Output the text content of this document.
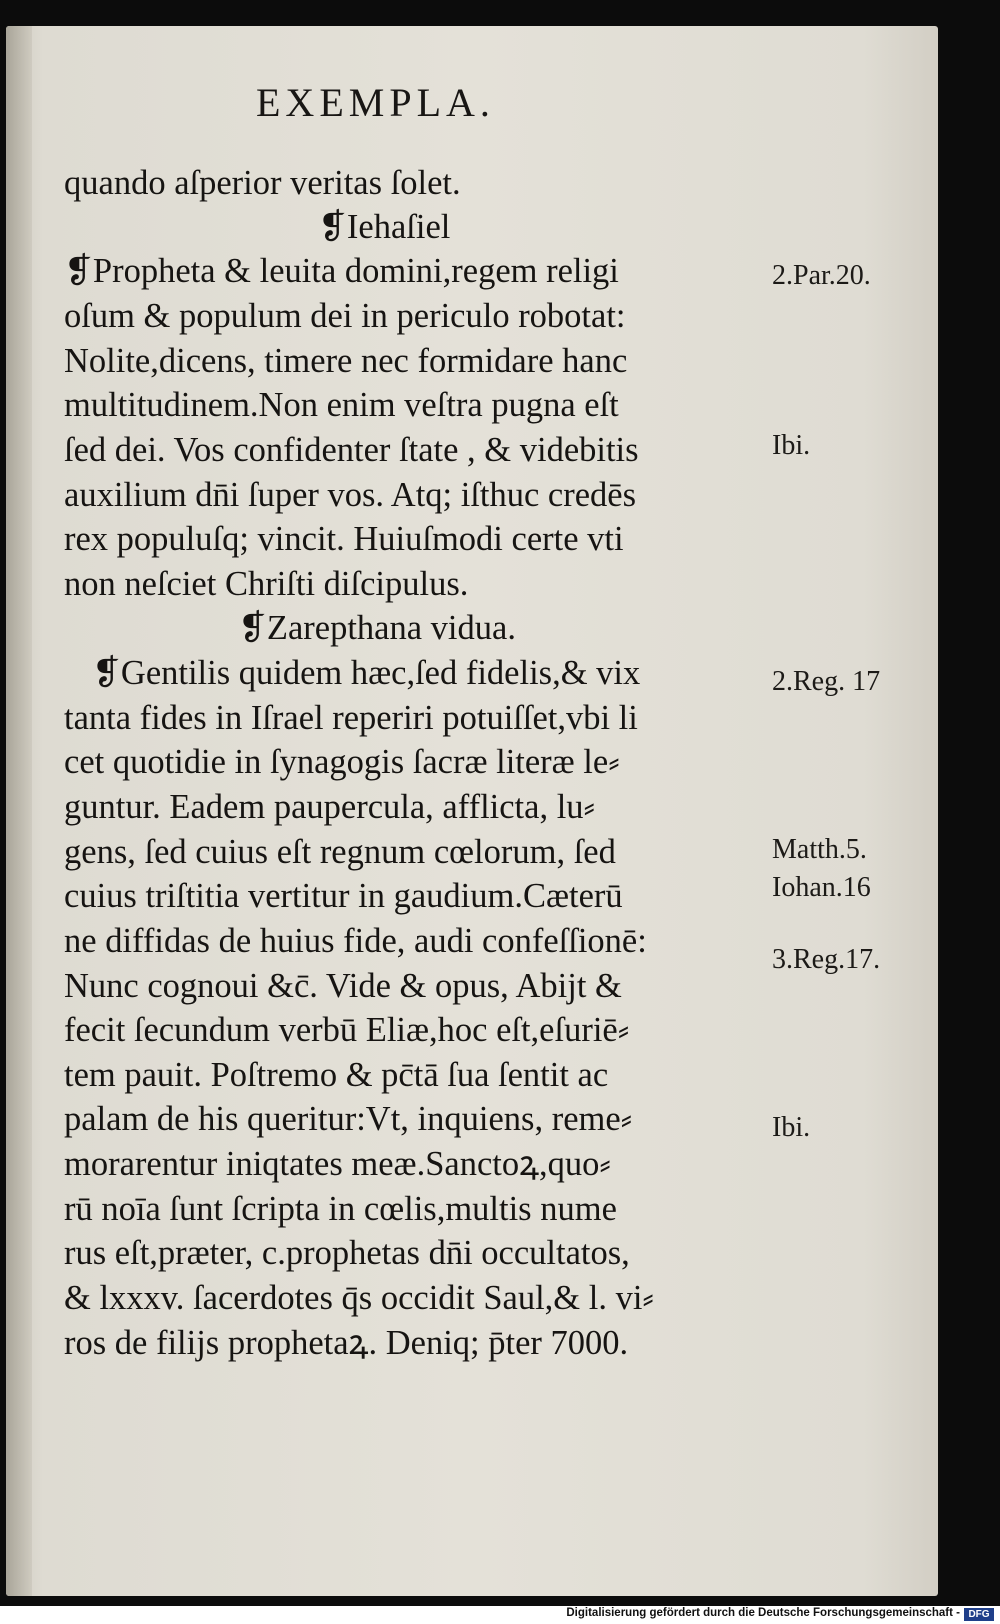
EXEMPLA.
quando aſperior veritas ſolet.
❡Iehaſiel
❡Propheta & leuita domini,regem religi
oſum & populum dei in periculo robotat:
Nolite,dicens, timere nec formidare hanc
multitudinem.Non enim veſtra pugna eſt
ſed dei. Vos confidenter ſtate , & videbitis
auxilium dn̄i ſuper vos. Atq; iſthuc credēs
rex populuſq; vincit. Huiuſmodi certe vti
non neſciet Chriſti diſcipulus.
❡Zarepthana vidua.
❡Gentilis quidem hæc,ſed fidelis,& vix
tanta fides in Iſrael reperiri potuiſſet,vbi li
cet quotidie in ſynagogis ſacræ literæ le⸗
guntur. Eadem paupercula, afflicta, lu⸗
gens, ſed cuius eſt regnum cœlorum, ſed
cuius triſtitia vertitur in gaudium.Cæterū
ne diffidas de huius fide, audi confeſſionē:
Nunc cognoui &c̄. Vide & opus, Abijt &
fecit ſecundum verbū Eliæ,hoc eſt,eſuriē⸗
tem pauit. Poſtremo & pc̄tā ſua ſentit ac
palam de his queritur:Vt, inquiens, reme⸗
morarentur iniqtates meæ.Sanctoꝝ,quo⸗
rū noīa ſunt ſcripta in cœlis,multis nume
rus eſt,præter, c.prophetas dn̄i occultatos,
& lxxxv. ſacerdotes q̄s occidit Saul,& l. vi⸗
ros de filijs prophetaꝝ. Deniq; p̄ter 7000.
2.Par.20.
Ibi.
2.Reg. 17
Matth.5.
Iohan.16
3.Reg.17.
Ibi.
Digitalisierung gefördert durch die Deutsche Forschungsgemeinschaft - DFG
